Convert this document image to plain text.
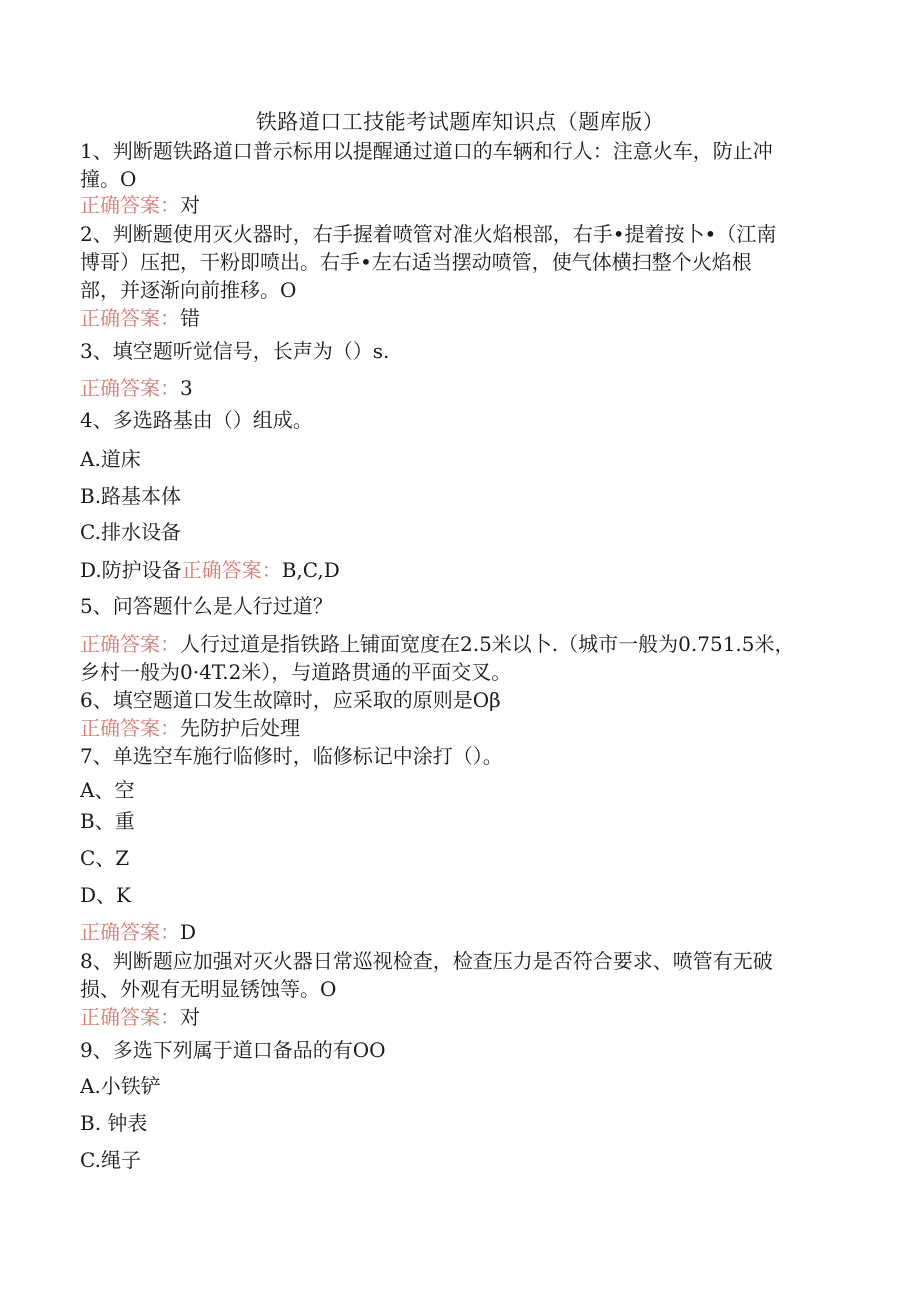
铁路道口工技能考试题库知识点（题库版）
1、判断题铁路道口普示标用以提醒通过道口的车辆和行人：注意火车，防止冲
撞。O
正确答案：对
2、判断题使用灭火器时，右手握着喷管对准火焰根部，右手•提着按卜•（江南
博哥）压把，干粉即喷出。右手•左右适当摆动喷管，使气体横扫整个火焰根
部，并逐渐向前推移。O
正确答案：错
3、填空题听觉信号，长声为（）s.
正确答案：3
4、多选路基由（）组成。
A.道床
B.路基本体
C.排水设备
D.防护设备正确答案：B,C,D
5、问答题什么是人行过道？
正确答案：人行过道是指铁路上铺面宽度在2.5米以卜.（城市一般为0.751.5米，
乡村一般为0·4T.2米），与道路贯通的平面交叉。
6、填空题道口发生故障时，应采取的原则是Oβ
正确答案：先防护后处理
7、单选空车施行临修时，临修标记中涂打（）。
A、空
B、重
C、Z
D、K
正确答案：D
8、判断题应加强对灭火器日常巡视检查，检查压力是否符合要求、喷管有无破
损、外观有无明显锈蚀等。O
正确答案：对
9、多选下列属于道口备品的有OO
A.小铁铲
B. 钟表
C.绳子
